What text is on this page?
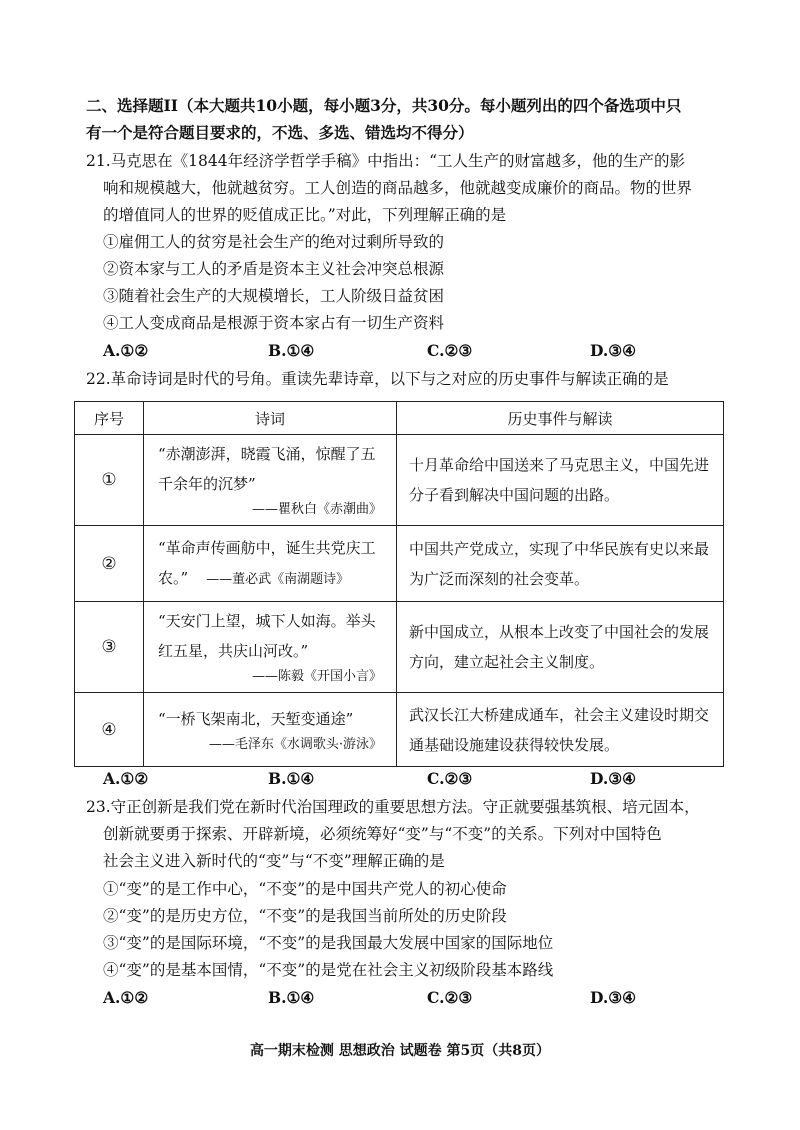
二、选择题II（本大题共10小题，每小题3分，共30分。每小题列出的四个备选项中只
有一个是符合题目要求的，不选、多选、错选均不得分）
21.马克思在《1844年经济学哲学手稿》中指出：“工人生产的财富越多，他的生产的影
响和规模越大，他就越贫穷。工人创造的商品越多，他就越变成廉价的商品。物的世界
的增值同人的世界的贬值成正比。”对此，下列理解正确的是
①雇佣工人的贫穷是社会生产的绝对过剩所导致的
②资本家与工人的矛盾是资本主义社会冲突总根源
③随着社会生产的大规模增长，工人阶级日益贫困
④工人变成商品是根源于资本家占有一切生产资料
A.①②	B.①④	C.②③	D.③④
22.革命诗词是时代的号角。重读先辈诗章，以下与之对应的历史事件与解读正确的是
序号	诗词	历史事件与解读
①	“赤潮澎湃，晓霞飞涌，惊醒了五千余年的沉梦”
——瞿秋白《赤潮曲》	十月革命给中国送来了马克思主义，中国先进分子看到解决中国问题的出路。
②	“革命声传画舫中，诞生共党庆工农。” ——董必武《南湖题诗》	中国共产党成立，实现了中华民族有史以来最为广泛而深刻的社会变革。
③	“天安门上望，城下人如海。举头红五星，共庆山河改。”
——陈毅《开国小言》	新中国成立，从根本上改变了中国社会的发展方向，建立起社会主义制度。
④	“一桥飞架南北，天堑变通途”
——毛泽东《水调歌头·游泳》	武汉长江大桥建成通车，社会主义建设时期交通基础设施建设获得较快发展。
A.①②	B.①④	C.②③	D.③④
23.守正创新是我们党在新时代治国理政的重要思想方法。守正就要强基筑根、培元固本，
创新就要勇于探索、开辟新境，必须统筹好“变”与“不变”的关系。下列对中国特色
社会主义进入新时代的“变”与“不变”理解正确的是
①“变”的是工作中心，“不变”的是中国共产党人的初心使命
②“变”的是历史方位，“不变”的是我国当前所处的历史阶段
③“变”的是国际环境，“不变”的是我国最大发展中国家的国际地位
④“变”的是基本国情，“不变”的是党在社会主义初级阶段基本路线
A.①②	B.①④	C.②③	D.③④
高一期末检测 思想政治 试题卷 第5页（共8页）
